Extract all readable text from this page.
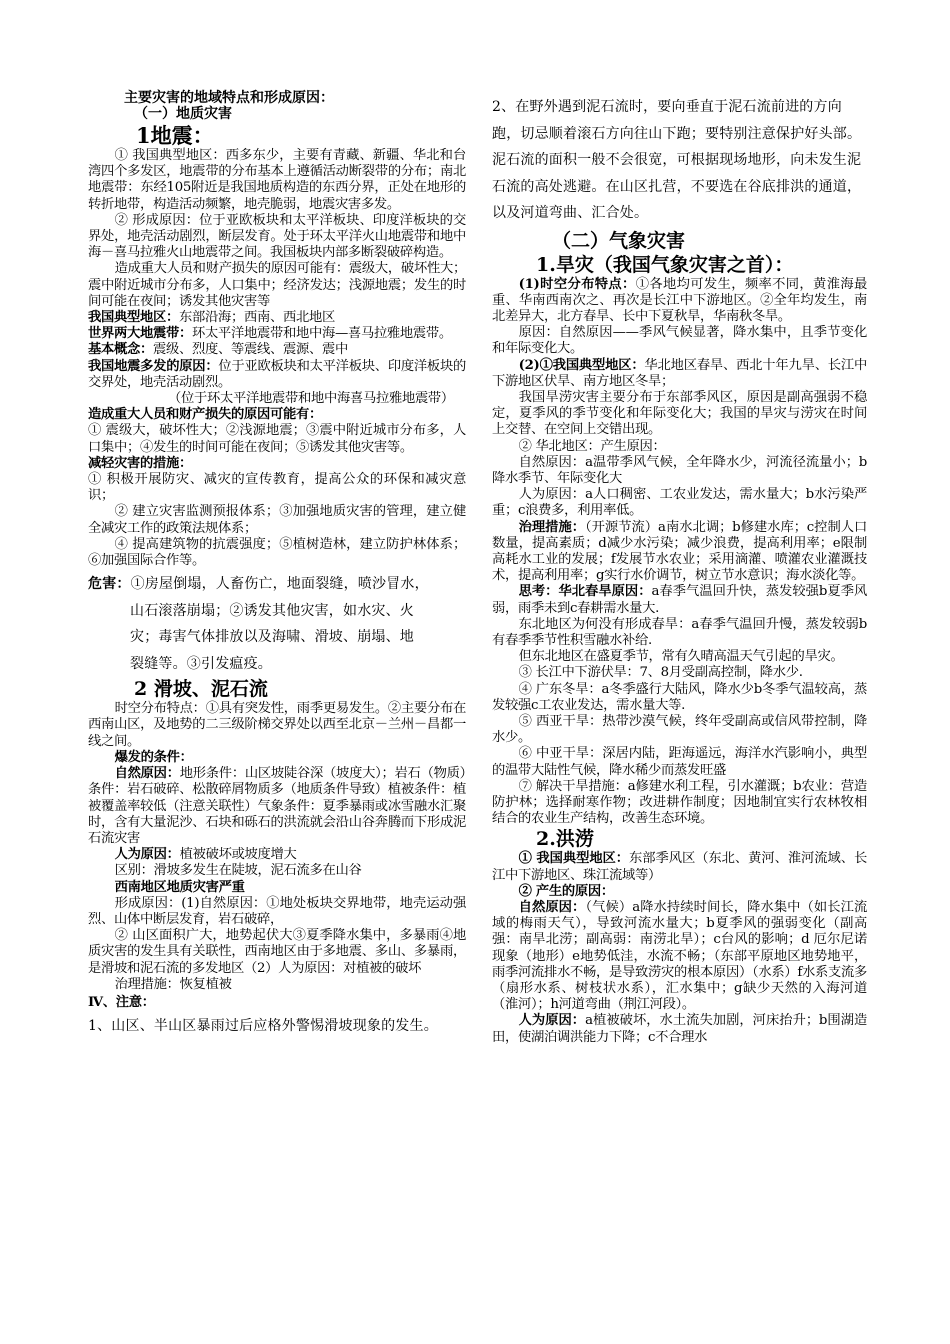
主要灾害的地域特点和形成原因：

（一）地质灾害

1地震：

① 我国典型地区：西多东少，主要有青藏、新疆、华北和台湾四个多发区，地震带的分布基本上遵循活动断裂带的分布；南北地震带：东经105附近是我国地质构造的东西分界，正处在地形的转折地带，构造活动频繁，地壳脆弱，地震灾害多发。

② 形成原因：位于亚欧板块和太平洋板块、印度洋板块的交界处，地壳活动剧烈，断层发育。处于环太平洋火山地震带和地中海－喜马拉雅火山地震带之间。我国板块内部多断裂破碎构造。

造成重大人员和财产损失的原因可能有：震级大，破坏性大；震中附近城市分布多，人口集中；经济发达；浅源地震；发生的时间可能在夜间；诱发其他灾害等

我国典型地区：东部沿海；西南、西北地区

世界两大地震带：环太平洋地震带和地中海—喜马拉雅地震带。

基本概念：震级、烈度、等震线、震源、震中

我国地震多发的原因：位于亚欧板块和太平洋板块、印度洋板块的交界处，地壳活动剧烈。

（位于环太平洋地震带和地中海喜马拉雅地震带）

造成重大人员和财产损失的原因可能有：

① 震级大，破坏性大；②浅源地震；③震中附近城市分布多，人口集中；④发生的时间可能在夜间；⑤诱发其他灾害等。

减轻灾害的措施：

① 积极开展防灾、减灾的宣传教育，提高公众的环保和减灾意识；

② 建立灾害监测预报体系；③加强地质灾害的管理，建立健全减灾工作的政策法规体系；

④ 提高建筑物的抗震强度；⑤植树造林，建立防护林体系；⑥加强国际合作等。

危害：①房屋倒塌，人畜伤亡，地面裂缝，喷沙冒水，
山石滚落崩塌；②诱发其他灾害，如水灾、火
灾；毒害气体排放以及海啸、滑坡、崩塌、地
裂缝等。③引发瘟疫。

2 滑坡、泥石流

时空分布特点：①具有突发性，雨季更易发生。②主要分布在西南山区，及地势的二三级阶梯交界处以西至北京－兰州－昌都一线之间。

爆发的条件：

自然原因：地形条件：山区坡陡谷深（坡度大）；岩石（物质）条件：岩石破碎、松散碎屑物质多（地质条件导致）植被条件：植被覆盖率较低（注意关联性）气象条件：夏季暴雨或冰雪融水汇聚时，含有大量泥沙、石块和砾石的洪流就会沿山谷奔腾而下形成泥石流灾害

人为原因：植被破坏或坡度增大

区别：滑坡多发生在陡坡，泥石流多在山谷

西南地区地质灾害严重

形成原因：(1)自然原因：①地处板块交界地带，地壳运动强烈、山体中断层发育，岩石破碎，

② 山区面积广大，地势起伏大③夏季降水集中，多暴雨④地质灾害的发生具有关联性，西南地区由于多地震、多山、多暴雨，是滑坡和泥石流的多发地区（2）人为原因：对植被的破坏

治理措施：恢复植被

Ⅳ、注意：

1、山区、半山区暴雨过后应格外警惕滑坡现象的发生。

2、在野外遇到泥石流时，要向垂直于泥石流前进的方向跑，切忌顺着滚石方向往山下跑；要特别注意保护好头部。泥石流的面积一般不会很宽，可根据现场地形，向未发生泥石流的高处逃避。在山区扎营，不要选在谷底排洪的通道，以及河道弯曲、汇合处。

（二）气象灾害

1.旱灾（我国气象灾害之首）：

(1)时空分布特点：①各地均可发生，频率不同，黄淮海最重、华南西南次之、再次是长江中下游地区。②全年均发生，南北差异大，北方春旱、长中下夏秋旱，华南秋冬旱。

原因：自然原因——季风气候显著，降水集中，且季节变化和年际变化大。

(2)①我国典型地区：华北地区春旱、西北十年九旱、长江中下游地区伏旱、南方地区冬旱；

我国旱涝灾害主要分布于东部季风区，原因是副高强弱不稳定，夏季风的季节变化和年际变化大；我国的旱灾与涝灾在时间上交替、在空间上交错出现。

② 华北地区：产生原因：

自然原因：a温带季风气候，全年降水少，河流径流量小；b降水季节、年际变化大

人为原因：a人口稠密、工农业发达，需水量大；b水污染严重；c浪费多，利用率低。

治理措施：（开源节流）a南水北调；b修建水库；c控制人口数量，提高素质；d减少水污染；减少浪费，提高利用率；e限制高耗水工业的发展；f发展节水农业；采用滴灌、喷灌农业灌溉技术，提高利用率；g实行水价调节，树立节水意识；海水淡化等。

思考：华北春旱原因：a春季气温回升快，蒸发较强b夏季风弱，雨季未到c春耕需水量大.

东北地区为何没有形成春旱：a春季气温回升慢，蒸发较弱b有春季季节性积雪融水补给.

但东北地区在盛夏季节，常有久晴高温天气引起的旱灾。

③ 长江中下游伏旱：7、8月受副高控制，降水少.

④ 广东冬旱：a冬季盛行大陆风，降水少b冬季气温较高，蒸发较强c工农业发达，需水量大等.

⑤ 西亚干旱：热带沙漠气候，终年受副高或信风带控制，降水少。

⑥ 中亚干旱：深居内陆，距海遥远，海洋水汽影响小，典型的温带大陆性气候，降水稀少而蒸发旺盛

⑦ 解决干旱措施：a修建水利工程，引水灌溉；b农业：营造防护林；选择耐寒作物；改进耕作制度；因地制宜实行农林牧相结合的农业生产结构，改善生态环境。

2.洪涝

① 我国典型地区：东部季风区（东北、黄河、淮河流域、长江中下游地区、珠江流域等）

② 产生的原因：

自然原因：（气候）a降水持续时间长，降水集中（如长江流域的梅雨天气），导致河流水量大；b夏季风的强弱变化（副高强：南旱北涝；副高弱：南涝北旱）；c台风的影响；d 厄尔尼诺现象（地形）e地势低洼，水流不畅；（东部平原地区地势地平，雨季河流排水不畅，是导致涝灾的根本原因）（水系）f水系支流多（扇形水系、树枝状水系），汇水集中；g缺少天然的入海河道（淮河）；h河道弯曲（荆江河段）。

人为原因：a植被破坏，水土流失加剧，河床抬升；b围湖造田，使湖泊调洪能力下降；c不合理水
